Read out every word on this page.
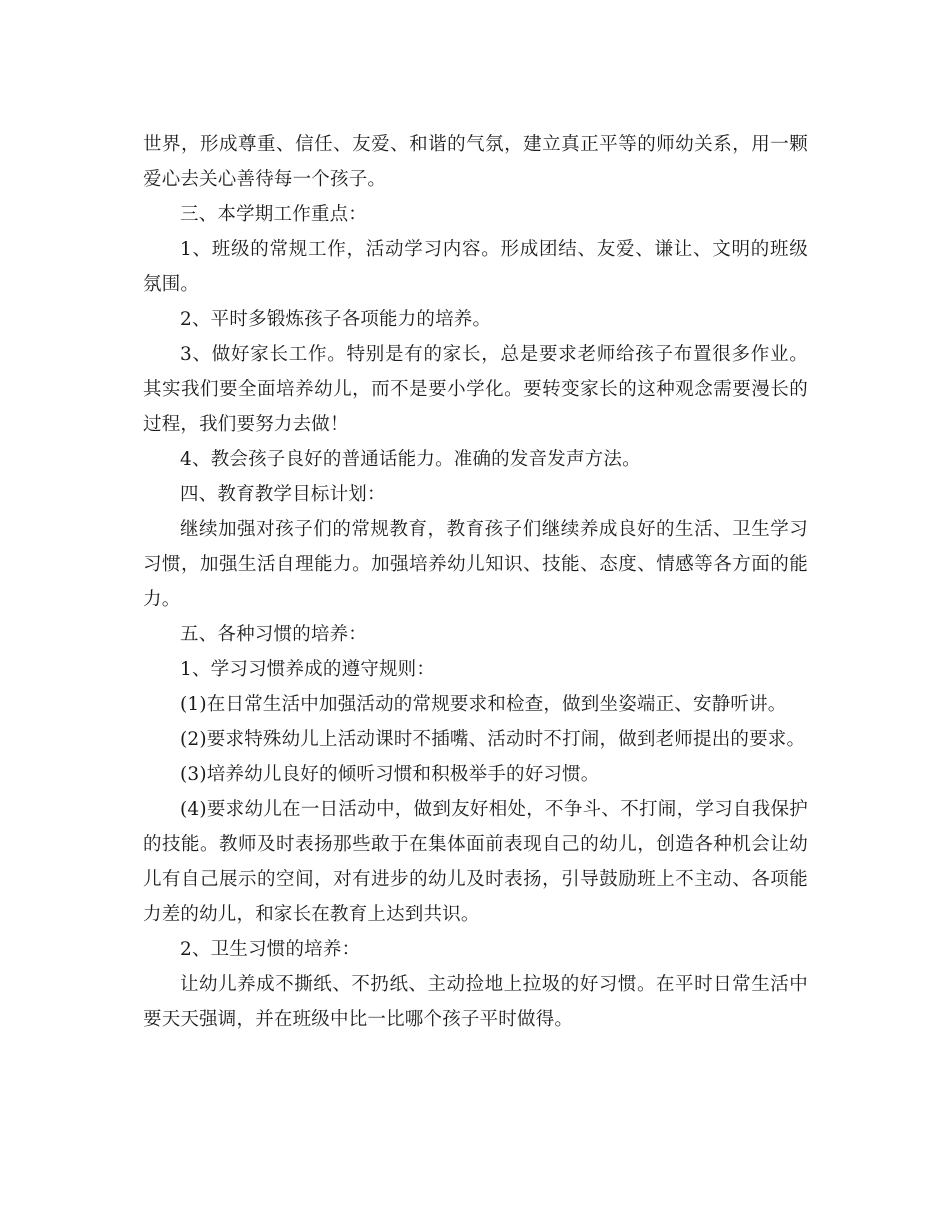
世界，形成尊重、信任、友爱、和谐的气氛，建立真正平等的师幼关系，用一颗爱心去关心善待每一个孩子。

三、本学期工作重点：

1、班级的常规工作，活动学习内容。形成团结、友爱、谦让、文明的班级氛围。

2、平时多锻炼孩子各项能力的培养。

3、做好家长工作。特别是有的家长，总是要求老师给孩子布置很多作业。其实我们要全面培养幼儿，而不是要小学化。要转变家长的这种观念需要漫长的过程，我们要努力去做！

4、教会孩子良好的普通话能力。准确的发音发声方法。

四、教育教学目标计划：

继续加强对孩子们的常规教育，教育孩子们继续养成良好的生活、卫生学习习惯，加强生活自理能力。加强培养幼儿知识、技能、态度、情感等各方面的能力。

五、各种习惯的培养：

1、学习习惯养成的遵守规则：

(1)在日常生活中加强活动的常规要求和检查，做到坐姿端正、安静听讲。

(2)要求特殊幼儿上活动课时不插嘴、活动时不打闹，做到老师提出的要求。

(3)培养幼儿良好的倾听习惯和积极举手的好习惯。

(4)要求幼儿在一日活动中，做到友好相处，不争斗、不打闹，学习自我保护的技能。教师及时表扬那些敢于在集体面前表现自己的幼儿，创造各种机会让幼儿有自己展示的空间，对有进步的幼儿及时表扬，引导鼓励班上不主动、各项能力差的幼儿，和家长在教育上达到共识。

2、卫生习惯的培养：

让幼儿养成不撕纸、不扔纸、主动捡地上拉圾的好习惯。在平时日常生活中要天天强调，并在班级中比一比哪个孩子平时做得。
